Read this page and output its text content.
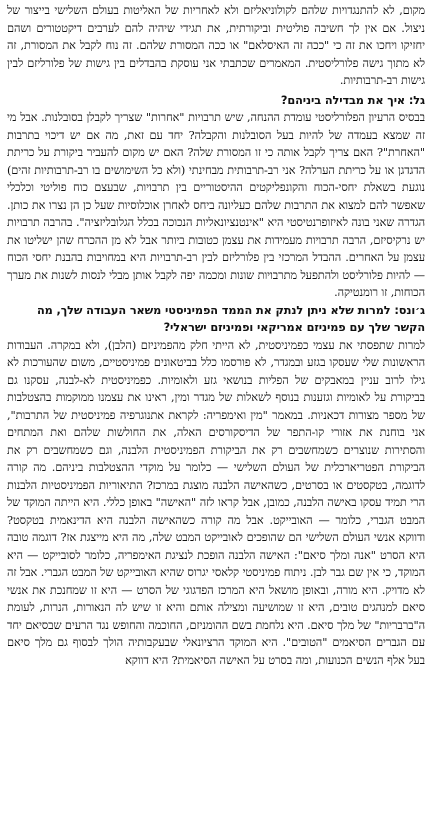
מקום, לא להתנגדויות שלהם לקולוניאליזם ולא לאחריות של האליטות בעולם השלישי בייצור של ניצול. אם אין לך חשיבה פוליטית וביקורתית, את תגידי שיהיה להם לערבים דיקטטורים ושהם יחזיקו ויחכו את זה כי "ככה זה האיסלאם" או ככה המסורת שלהם. זה נוח לקבל את המסורת, זה לא מתוך גישה פלורליסטית. המאמרים שכתבתי אני עוסקת בהבדלים בין גישות של פלורליזם לבין גישות רב-תרבותיות.

גל: איך את מבדילה ביניהם?

בבסיס הרעיון הפלורליסטי עומדת ההנחה, שיש תרבויות "אחרות" שצריך לקבלן בסובלנות. אבל מי זה שמצא בעמדה של להיות בעל הסובלנות והקבלה? יחד עם זאת, מה אם יש דיכוי בתרבות "האחרת"? האם צריך לקבל אותה כי זו המסורת שלה? האם יש מקום להעביר ביקורת על כריתת הדגדגן או על כריתת הערלה? אני רב-תרבותית מבחינתי (ולא כל השימושים בו רב-תרבותיות זהים) נוגעת בשאלת יחסי-הכוח והקונפליקטים ההיסטוריים בין תרבויות, שבעצם כוח פוליטי וכלכלי שאפשר להם למצוא את התרבות שלהם כעליונה ביחס לאחרן אוכלוסיות שעל כן הן נצרו את כותן. הגדרה שאני בונה לאיזופרנטיסטי היא "אינטנציונאליות הנכוכה בכלל הגלובליזציה". בהרבה תרבויות יש נרקיסיזם, הרבה תרבויות מעמידות את עצמן כטובות ביותר אבל לא מן ההכרח שהן ישליטו את עצמן על האחרים. ההבדל המרכזי בין פלורליזם לבין רב-תרבויות היא במחויבות בהבנת יחסי הכוח — להיות פלורליסט ולהתפעל מתרבויות שונות ומכמה יפה לקבל אותן מבלי לנסות לשנות את מערך הכוחות, זו רומנטיקה.

ג׳ונס: למרות שלא ניתן לנתק את הממד הפמיניסטי משאר העבודה שלך, מה הקשר שלך עם פמיניזם אמריקאי ופמיניזם ישראלי?

למרות שתפסתי את עצמי כפמיניסטית, לא הייתי חלק מהפמיניזם (הלבן), ולא במקרה. העבודות הראשונות שלי שעסקו בגזע ובמגדר, לא פורסמו כלל בביטאונים פמיניסטיים, משום שהעורכות לא גילו לרוב עניין במאבקים של הפליות בנושאי גזע ולאומיות. כפמיניסטית לא-לבנה, עסקנו גם בביקורת על לאומיות וגזענות בנוסף לשאלות של מגדר ומין, ראינו את עצמנו ממוקמות בהצטלבות של מספר מצורות דכאניות. במאמר "מין ואימפריה: לקראת אתנוגרפיה פמיניסטית של התרבות", אני בוחנת את אזורי קו-התפר של הדיסקורסים האלה, את החולשות שלהם ואת המתחים והסתירות שנוצרים כשמחשבים רק את הביקורת הפמיניסטית הלבנה, וגם כשמחשבים רק את הביקורת הפטריארכלית של העולם השלישי — כלומר על מוקדי ההצטלבות ביניהם. מה קורה לדוגמה, בטקסטים או בסרטים, כשהאישה הלבנה מוצגת במרכז? התיאוריות הפמיניסטיות הלבנות הרי תמיד עסקו באישה הלבנה, כמובן, אבל קראו לזה "האישה" באופן כללי. היא הייתה המוקד של המבט הגברי, כלומר — האובייקט. אבל מה קורה כשהאישה הלבנה היא הדינאמית בטקסט? ודווקא אנשי העולם השלישי הם שהופכים לאובייקט המבט שלה, מה היא מייצגת אז? דוגמה טובה היא הסרט "אנה ומלך סיאם": האישה הלבנה הופכת לנציגת האימפריה, כלומר לסובייקט — היא המוקד, כי אין שם גבר לבן. ניתוח פמיניסטי קלאסי יגרוס שהיא האובייקט של המבט הגברי. אבל זה לא מדויק. היא מורה, ובאופן מושאל היא המרכז הפדגוגי של הסרט — היא זו שמחנכת את אנשי סיאם למנהגים טובים, היא זו שמושיעה ומצילה אותם והיא זו שיש לה הנאורות, הנרות, לעומת ה"ברבריות" של מלך סיאם. היא נלחמת בשם ההומניזם, החוכמה והחופש נגד הרעים שבסיאם יחד עם הגברים הסיאמים "הטובים". היא המוקד הרציונאלי שבעקבותיה הולך לבסוף גם מלך סיאם בעל אלף הנשים הכנועות, ומה בסרט על האישה הסיאמית? היא דווקא
